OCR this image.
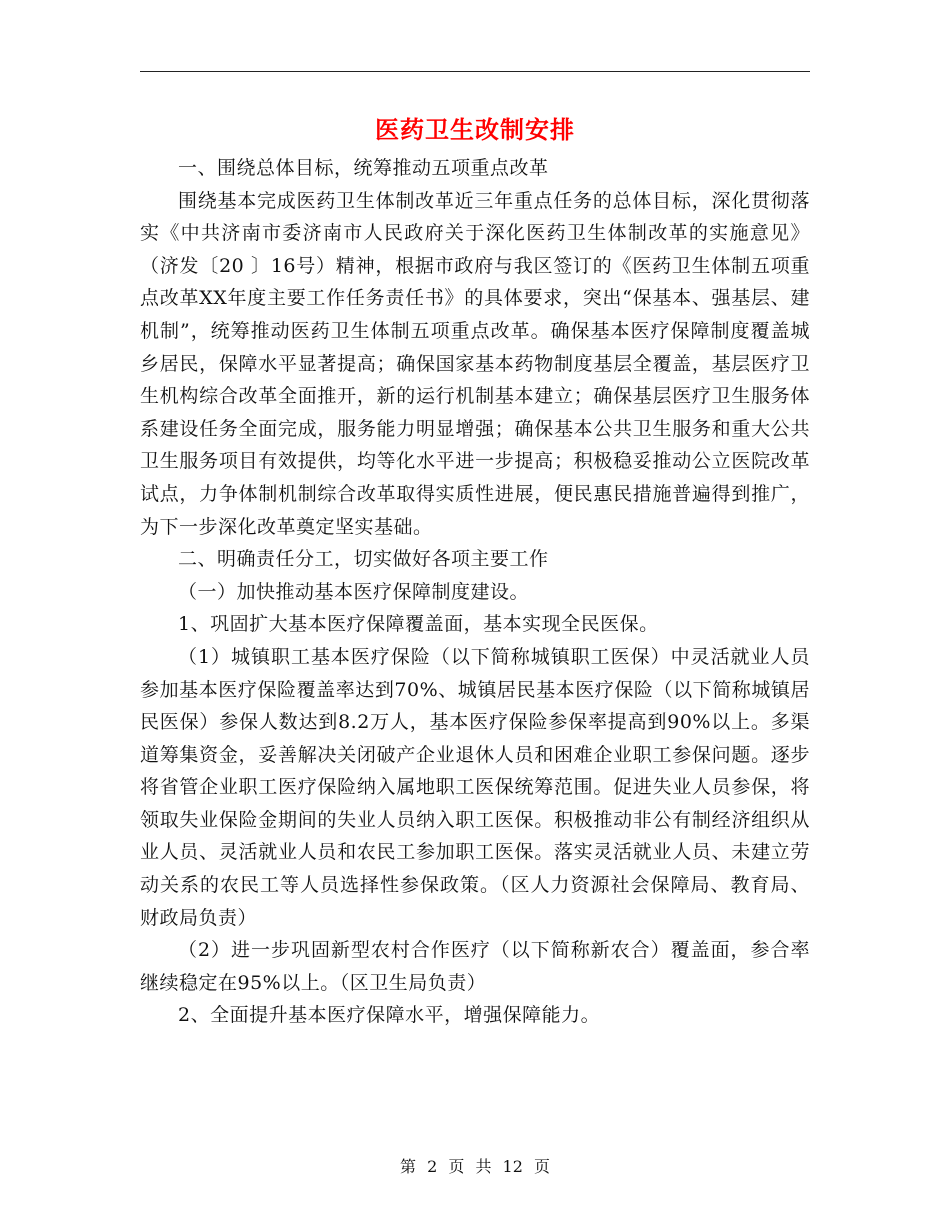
医药卫生改制安排

一、围绕总体目标，统筹推动五项重点改革

围绕基本完成医药卫生体制改革近三年重点任务的总体目标，深化贯彻落实《中共济南市委济南市人民政府关于深化医药卫生体制改革的实施意见》（济发〔20 〕16号）精神，根据市政府与我区签订的《医药卫生体制五项重点改革XX年度主要工作任务责任书》的具体要求，突出“保基本、强基层、建机制”，统筹推动医药卫生体制五项重点改革。确保基本医疗保障制度覆盖城乡居民，保障水平显著提高；确保国家基本药物制度基层全覆盖，基层医疗卫生机构综合改革全面推开，新的运行机制基本建立；确保基层医疗卫生服务体系建设任务全面完成，服务能力明显增强；确保基本公共卫生服务和重大公共卫生服务项目有效提供，均等化水平进一步提高；积极稳妥推动公立医院改革试点，力争体制机制综合改革取得实质性进展，便民惠民措施普遍得到推广，为下一步深化改革奠定坚实基础。

二、明确责任分工，切实做好各项主要工作

（一）加快推动基本医疗保障制度建设。

1、巩固扩大基本医疗保障覆盖面，基本实现全民医保。

（1）城镇职工基本医疗保险（以下简称城镇职工医保）中灵活就业人员参加基本医疗保险覆盖率达到70%、城镇居民基本医疗保险（以下简称城镇居民医保）参保人数达到8.2万人，基本医疗保险参保率提高到90%以上。多渠道筹集资金，妥善解决关闭破产企业退休人员和困难企业职工参保问题。逐步将省管企业职工医疗保险纳入属地职工医保统筹范围。促进失业人员参保，将领取失业保险金期间的失业人员纳入职工医保。积极推动非公有制经济组织从业人员、灵活就业人员和农民工参加职工医保。落实灵活就业人员、未建立劳动关系的农民工等人员选择性参保政策。（区人力资源社会保障局、教育局、财政局负责）

（2）进一步巩固新型农村合作医疗（以下简称新农合）覆盖面，参合率继续稳定在95%以上。（区卫生局负责）

2、全面提升基本医疗保障水平，增强保障能力。

第 2 页 共 12 页
